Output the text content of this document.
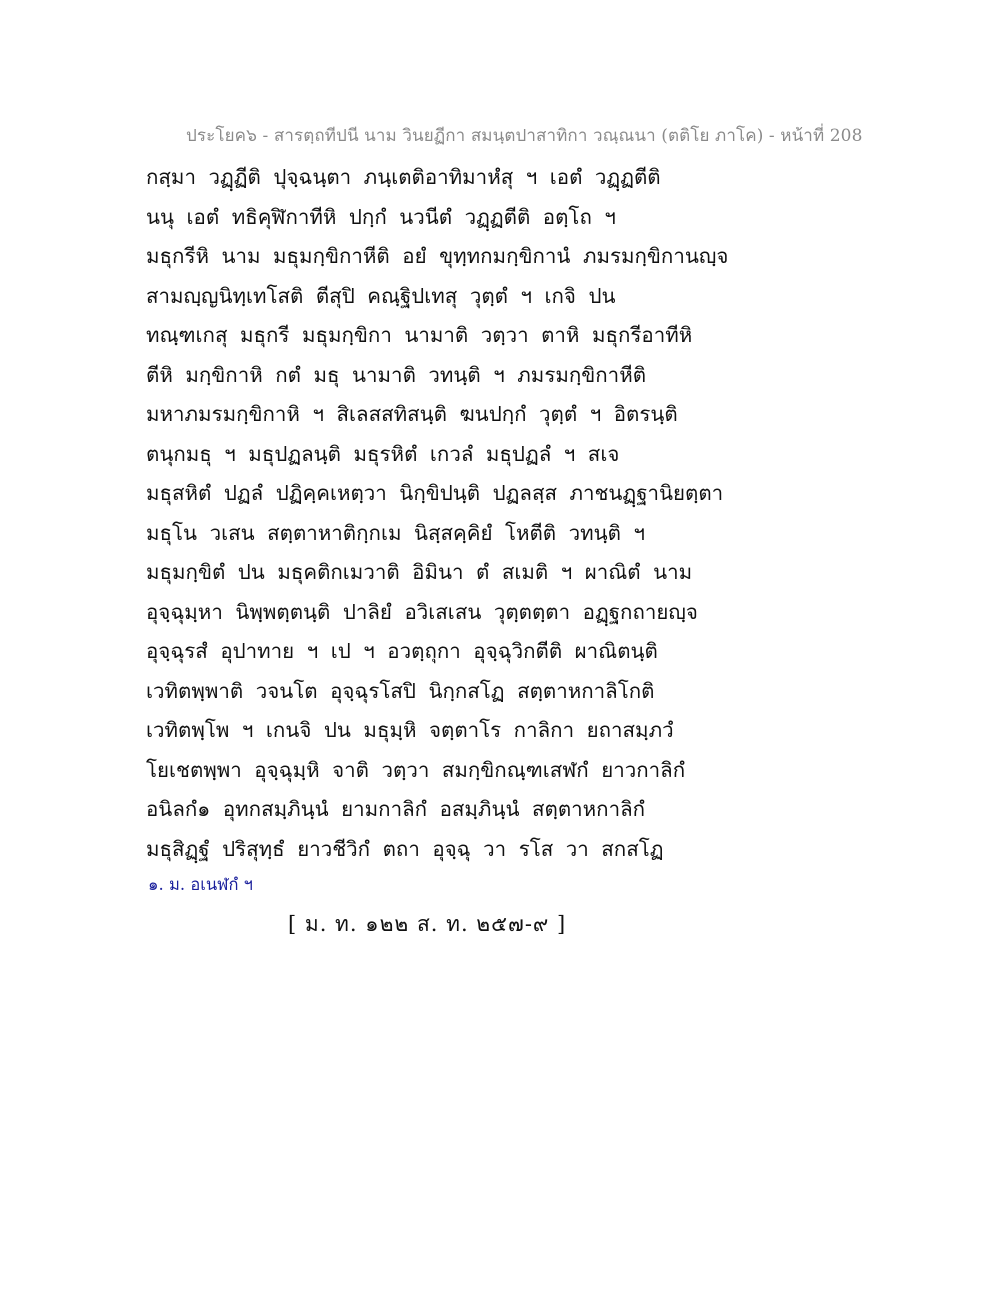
ประโยค๖ - สารตฺถทีปนี นาม วินยฏีกา สมนฺตปาสาทิกา วณฺณนา (ตติโย ภาโค) - หน้าที่ 208
กสฺมา วฏฺฏีติ ปุจฺฉนฺตา ภนฺเตติอาทิมาหํสุ ฯ เอตํ วฏฺฏตีติ
นนุ เอตํ ทธิคุฬิกาทีหิ ปกฺกํ นวนีตํ วฏฺฏตีติ อตฺโถ ฯ
มธุกรีหิ นาม มธุมกฺขิกาหีติ อยํ ขุทฺทกมกฺขิกานํ ภมรมกฺขิกานญฺจ
สามญฺญนิทฺเทโสติ ตีสุปิ คณฺฐิปเทสุ วุตฺตํ ฯ เกจิ ปน
ทณฺฑเกสุ มธุกรี มธุมกฺขิกา นามาติ วตฺวา ตาหิ มธุกรีอาทีหิ
ตีหิ มกฺขิกาหิ กตํ มธุ นามาติ วทนฺติ ฯ ภมรมกฺขิกาหีติ
มหาภมรมกฺขิกาหิ ฯ สิเลสสทิสนฺติ ฆนปกฺกํ วุตฺตํ ฯ อิตรนฺติ
ตนุกมธุ ฯ มธุปฏลนฺติ มธุรหิตํ เกวลํ มธุปฏลํ ฯ สเจ
มธุสหิตํ ปฏลํ ปฏิคฺคเหตฺวา นิกฺขิปนฺติ ปฏลสฺส ภาชนฏฺฐานิยตฺตา
มธุโน วเสน สตฺตาหาติกฺกเม นิสฺสคฺคิยํ โหตีติ วทนฺติ ฯ
มธุมกฺขิตํ ปน มธุคติกเมวาติ อิมินา ตํ สเมติ ฯ ผาณิตํ นาม
อุจฺฉุมฺหา นิพฺพตฺตนฺติ ปาลิยํ อวิเสเสน วุตฺตตฺตา อฏฺฐกถายญฺจ
อุจฺฉุรสํ อุปาทาย ฯ เป ฯ อวตฺถุกา อุจฺฉุวิกตีติ ผาณิตนฺติ
เวทิตพฺพาติ วจนโต อุจฺฉุรโสปิ นิกฺกสโฏ สตฺตาหกาลิโกติ
เวทิตพฺโพ ฯ เกนจิ ปน มธุมฺหิ จตฺตาโร กาลิกา ยถาสมฺภวํ
โยเชตพฺพา อุจฺฉุมฺหิ จาติ วตฺวา สมกฺขิกณฺฑเสฬกํ ยาวกาลิกํ
อนิลกํ๑ อุทกสมฺภินฺนํ ยามกาลิกํ อสมฺภินฺนํ สตฺตาหกาลิกํ
มธุสิฏฺฐํ ปริสุทฺธํ ยาวชีวิกํ ตถา อุจฺฉุ วา รโส วา สกสโฏ
๑. ม. อเนฬกํ ฯ
[ ม. ท. ๑๒๒ ส. ท. ๒๕๗-๙ ]
